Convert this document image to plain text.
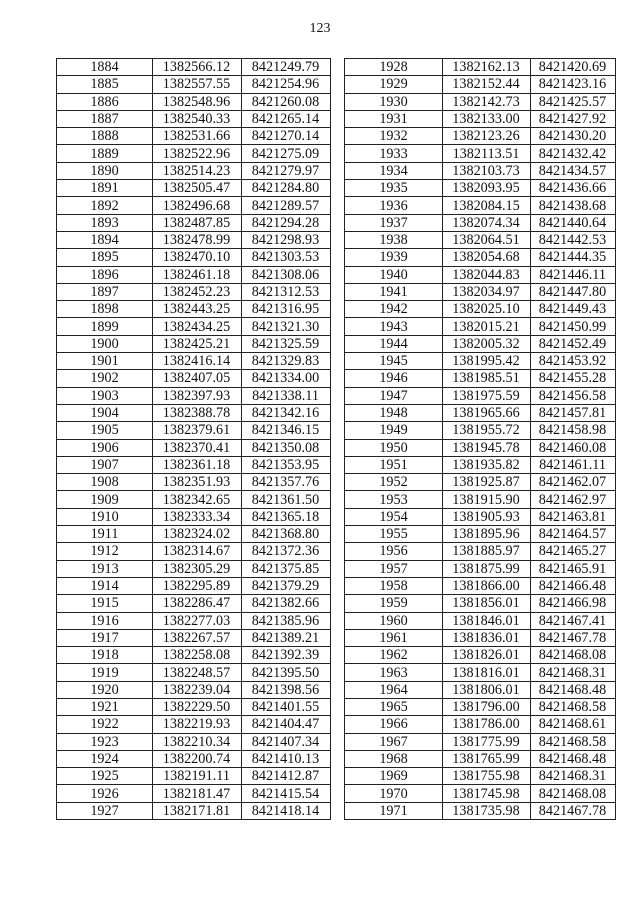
123
1884	1382566.12	8421249.79
1885	1382557.55	8421254.96
1886	1382548.96	8421260.08
1887	1382540.33	8421265.14
1888	1382531.66	8421270.14
1889	1382522.96	8421275.09
1890	1382514.23	8421279.97
1891	1382505.47	8421284.80
1892	1382496.68	8421289.57
1893	1382487.85	8421294.28
1894	1382478.99	8421298.93
1895	1382470.10	8421303.53
1896	1382461.18	8421308.06
1897	1382452.23	8421312.53
1898	1382443.25	8421316.95
1899	1382434.25	8421321.30
1900	1382425.21	8421325.59
1901	1382416.14	8421329.83
1902	1382407.05	8421334.00
1903	1382397.93	8421338.11
1904	1382388.78	8421342.16
1905	1382379.61	8421346.15
1906	1382370.41	8421350.08
1907	1382361.18	8421353.95
1908	1382351.93	8421357.76
1909	1382342.65	8421361.50
1910	1382333.34	8421365.18
1911	1382324.02	8421368.80
1912	1382314.67	8421372.36
1913	1382305.29	8421375.85
1914	1382295.89	8421379.29
1915	1382286.47	8421382.66
1916	1382277.03	8421385.96
1917	1382267.57	8421389.21
1918	1382258.08	8421392.39
1919	1382248.57	8421395.50
1920	1382239.04	8421398.56
1921	1382229.50	8421401.55
1922	1382219.93	8421404.47
1923	1382210.34	8421407.34
1924	1382200.74	8421410.13
1925	1382191.11	8421412.87
1926	1382181.47	8421415.54
1927	1382171.81	8421418.14
1928	1382162.13	8421420.69
1929	1382152.44	8421423.16
1930	1382142.73	8421425.57
1931	1382133.00	8421427.92
1932	1382123.26	8421430.20
1933	1382113.51	8421432.42
1934	1382103.73	8421434.57
1935	1382093.95	8421436.66
1936	1382084.15	8421438.68
1937	1382074.34	8421440.64
1938	1382064.51	8421442.53
1939	1382054.68	8421444.35
1940	1382044.83	8421446.11
1941	1382034.97	8421447.80
1942	1382025.10	8421449.43
1943	1382015.21	8421450.99
1944	1382005.32	8421452.49
1945	1381995.42	8421453.92
1946	1381985.51	8421455.28
1947	1381975.59	8421456.58
1948	1381965.66	8421457.81
1949	1381955.72	8421458.98
1950	1381945.78	8421460.08
1951	1381935.82	8421461.11
1952	1381925.87	8421462.07
1953	1381915.90	8421462.97
1954	1381905.93	8421463.81
1955	1381895.96	8421464.57
1956	1381885.97	8421465.27
1957	1381875.99	8421465.91
1958	1381866.00	8421466.48
1959	1381856.01	8421466.98
1960	1381846.01	8421467.41
1961	1381836.01	8421467.78
1962	1381826.01	8421468.08
1963	1381816.01	8421468.31
1964	1381806.01	8421468.48
1965	1381796.00	8421468.58
1966	1381786.00	8421468.61
1967	1381775.99	8421468.58
1968	1381765.99	8421468.48
1969	1381755.98	8421468.31
1970	1381745.98	8421468.08
1971	1381735.98	8421467.78
